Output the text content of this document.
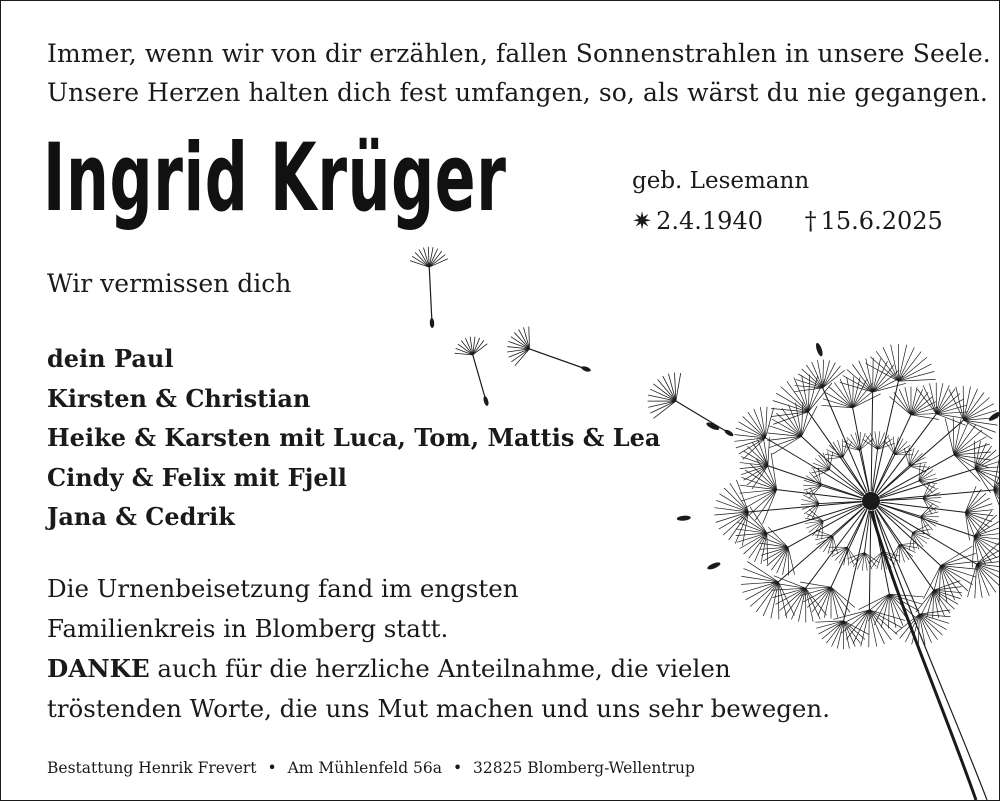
Immer, wenn wir von dir erzählen, fallen Sonnenstrahlen in unsere Seele.
Unsere Herzen halten dich fest umfangen, so, als wärst du nie gegangen.
Ingrid Krüger	geb. Lesemann
✷ 2.4.1940 † 15.6.2025
Wir vermissen dich
dein Paul
Kirsten & Christian
Heike & Karsten mit Luca, Tom, Mattis & Lea
Cindy & Felix mit Fjell
Jana & Cedrik
Die Urnenbeisetzung fand im engsten
Familienkreis in Blomberg statt.
DANKE auch für die herzliche Anteilnahme, die vielen
tröstenden Worte, die uns Mut machen und uns sehr bewegen.
Bestattung Henrik Frevert • Am Mühlenfeld 56a • 32825 Blomberg-Wellentrup
